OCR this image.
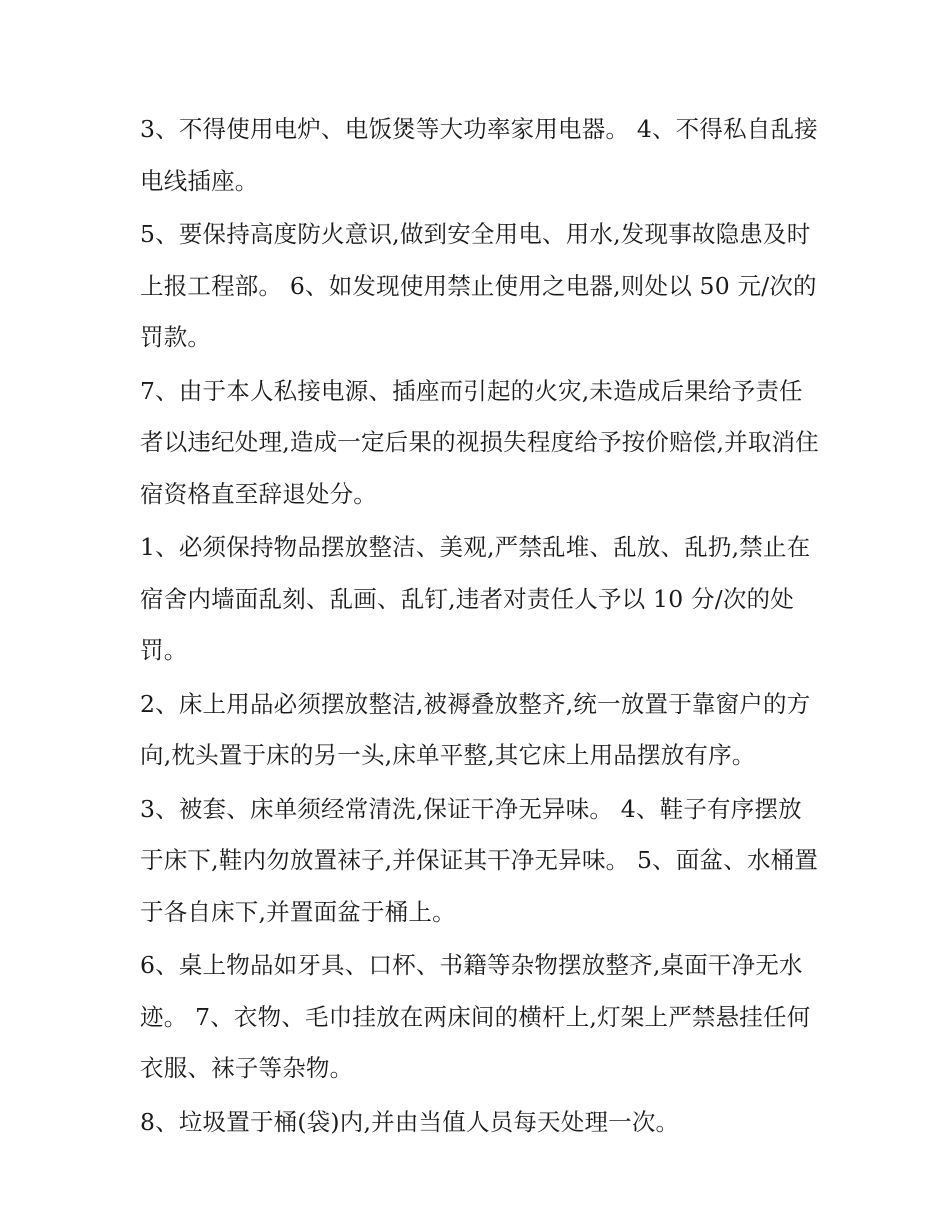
3、不得使用电炉、电饭煲等大功率家用电器。 4、不得私自乱接电线插座。

5、要保持高度防火意识,做到安全用电、用水,发现事故隐患及时上报工程部。 6、如发现使用禁止使用之电器,则处以 50 元/次的罚款。

7、由于本人私接电源、插座而引起的火灾,未造成后果给予责任者以违纪处理,造成一定后果的视损失程度给予按价赔偿,并取消住宿资格直至辞退处分。

1、必须保持物品摆放整洁、美观,严禁乱堆、乱放、乱扔,禁止在宿舍内墙面乱刻、乱画、乱钉,违者对责任人予以 10 分/次的处罚。

2、床上用品必须摆放整洁,被褥叠放整齐,统一放置于靠窗户的方向,枕头置于床的另一头,床单平整,其它床上用品摆放有序。

3、被套、床单须经常清洗,保证干净无异味。 4、鞋子有序摆放于床下,鞋内勿放置袜子,并保证其干净无异味。 5、面盆、水桶置于各自床下,并置面盆于桶上。

6、桌上物品如牙具、口杯、书籍等杂物摆放整齐,桌面干净无水迹。 7、衣物、毛巾挂放在两床间的横杆上,灯架上严禁悬挂任何衣服、袜子等杂物。

8、垃圾置于桶(袋)内,并由当值人员每天处理一次。
